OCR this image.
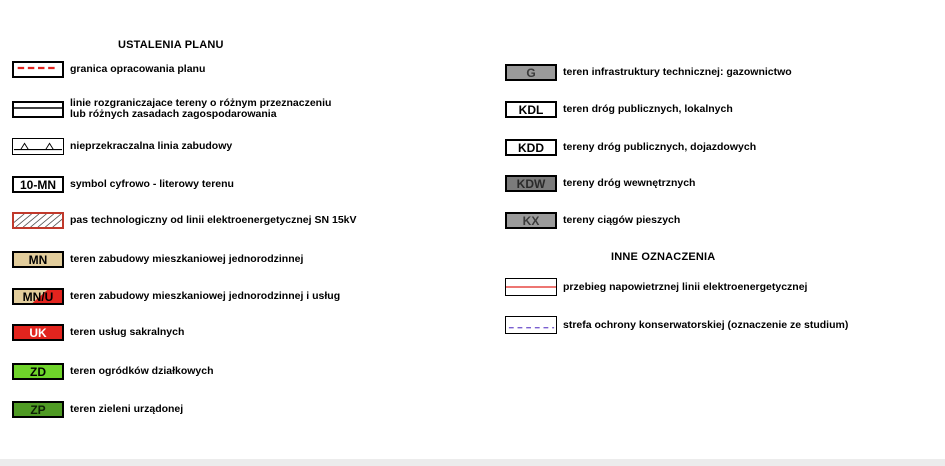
USTALENIA PLANU
granica opracowania planu
linie rozgraniczajace tereny o różnym przeznaczeniu
lub różnych zasadach zagospodarowania
nieprzekraczalna linia zabudowy
10-MN symbol cyfrowo - literowy terenu
pas technologiczny od linii elektroenergetycznej SN 15kV
MN teren zabudowy mieszkaniowej jednorodzinnej
MN/U teren zabudowy mieszkaniowej jednorodzinnej i usług
UK teren usług sakralnych
ZD teren ogródków działkowych
ZP teren zieleni urządonej
G	teren infrastruktury technicznej: gazownictwo
KDL teren dróg publicznych, lokalnych
KDD tereny dróg publicznych, dojazdowych
KDW tereny dróg wewnętrznych
KX tereny ciągów pieszych
INNE OZNACZENIA
przebieg napowietrznej linii elektroenergetycznej
strefa ochrony konserwatorskiej (oznaczenie ze studium)
